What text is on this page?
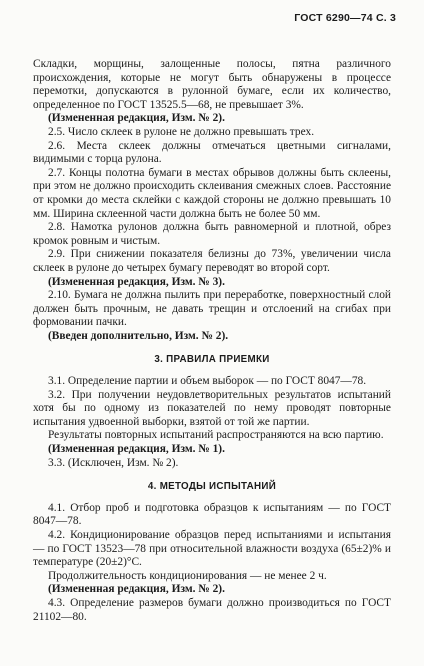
ГОСТ 6290—74 С. 3

Складки, морщины, залощенные полосы, пятна различного происхождения, которые не могут быть обнаружены в процессе перемотки, допускаются в рулонной бумаге, если их количество, определенное по ГОСТ 13525.5—68, не превышает 3%.

(Измененная редакция, Изм. № 2).

2.5. Число склеек в рулоне не должно превышать трех.

2.6. Места склеек должны отмечаться цветными сигналами, видимыми с торца рулона.

2.7. Концы полотна бумаги в местах обрывов должны быть склеены, при этом не должно происходить склеивания смежных слоев. Расстояние от кромки до места склейки с каждой стороны не должно превышать 10 мм. Ширина склеенной части должна быть не более 50 мм.

2.8. Намотка рулонов должна быть равномерной и плотной, обрез кромок ровным и чистым.

2.9. При снижении показателя белизны до 73%, увеличении числа склеек в рулоне до четырех бумагу переводят во второй сорт.

(Измененная редакция, Изм. № 3).

2.10. Бумага не должна пылить при переработке, поверхностный слой должен быть прочным, не давать трещин и отслоений на сгибах при формовании пачки.

(Введен дополнительно, Изм. № 2).

3. ПРАВИЛА ПРИЕМКИ

3.1. Определение партии и объем выборок — по ГОСТ 8047—78.

3.2. При получении неудовлетворительных результатов испытаний хотя бы по одному из показателей по нему проводят повторные испытания удвоенной выборки, взятой от той же партии.

Результаты повторных испытаний распространяются на всю партию.

(Измененная редакция, Изм. № 1).

3.3. (Исключен, Изм. № 2).

4. МЕТОДЫ ИСПЫТАНИЙ

4.1. Отбор проб и подготовка образцов к испытаниям — по ГОСТ 8047—78.

4.2. Кондиционирование образцов перед испытаниями и испытания — по ГОСТ 13523—78 при относительной влажности воздуха (65±2)% и температуре (20±2)°С.

Продолжительность кондиционирования — не менее 2 ч.

(Измененная редакция, Изм. № 2).

4.3. Определение размеров бумаги должно производиться по ГОСТ 21102—80.
